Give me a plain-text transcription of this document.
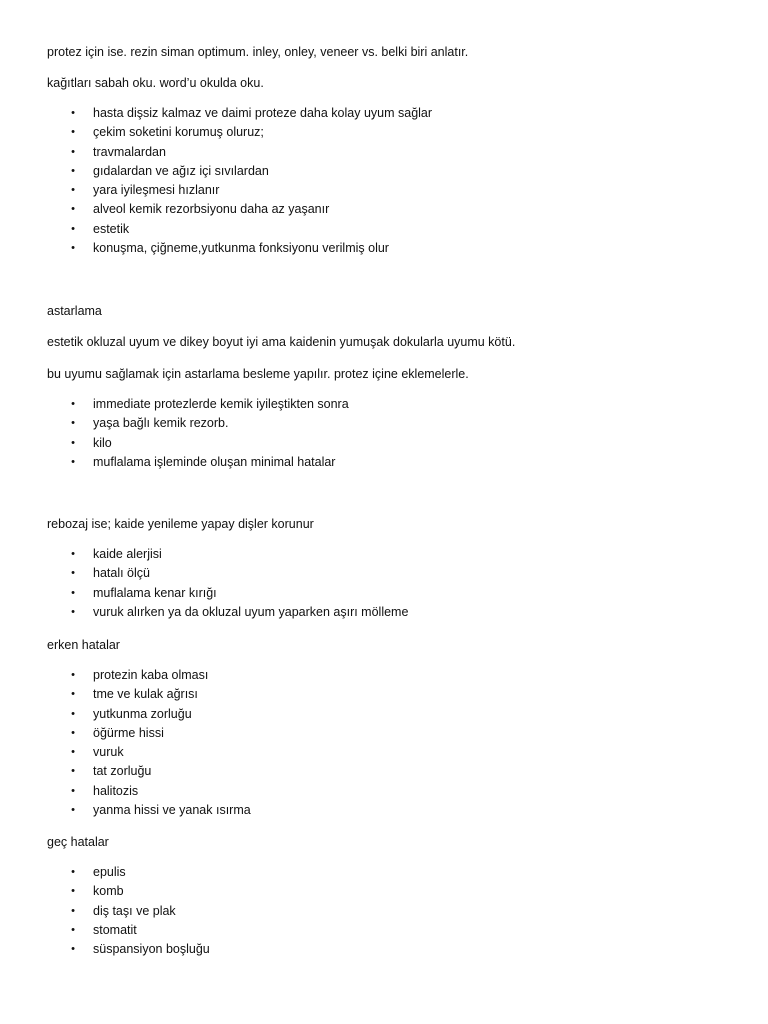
protez için ise. rezin siman optimum. inley, onley, veneer vs. belki biri anlatır.
kağıtları sabah oku. word’u okulda oku.
• hasta dişsiz kalmaz ve daimi proteze daha kolay uyum sağlar
• çekim soketini korumuş oluruz;
• travmalardan
• gıdalardan ve ağız içi sıvılardan
• yara iyileşmesi hızlanır
• alveol kemik rezorbsiyonu daha az yaşanır
• estetik
• konuşma, çiğneme,yutkunma fonksiyonu verilmiş olur
astarlama
estetik okluzal uyum ve dikey boyut iyi ama kaidenin yumuşak dokularla uyumu kötü.
bu uyumu sağlamak için astarlama besleme yapılır. protez içine eklemelerle.
• immediate protezlerde kemik iyileştikten sonra
• yaşa bağlı kemik rezorb.
• kilo
• muflalama işleminde oluşan minimal hatalar
rebozaj ise; kaide yenileme yapay dişler korunur
• kaide alerjisi
• hatalı ölçü
• muflalama kenar kırığı
• vuruk alırken ya da okluzal uyum yaparken aşırı mölleme
erken hatalar
• protezin kaba olması
• tme ve kulak ağrısı
• yutkunma zorluğu
• öğürme hissi
• vuruk
• tat zorluğu
• halitozis
• yanma hissi ve yanak ısırma
geç hatalar
• epulis
• komb
• diş taşı ve plak
• stomatit
• süspansiyon boşluğu
